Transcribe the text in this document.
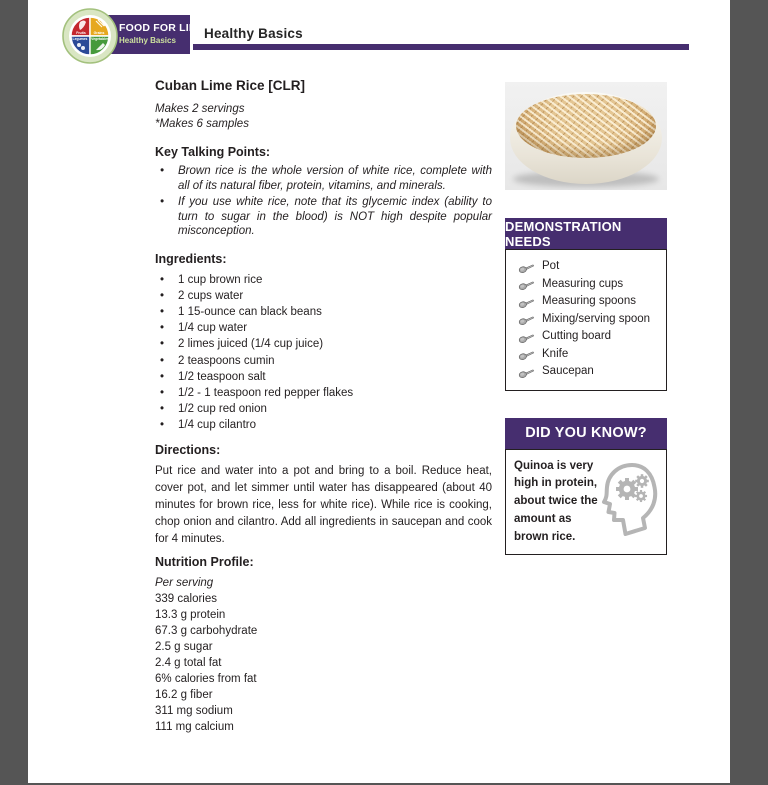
FOOD FOR LIFE
Healthy Basics
Fruits Grains
Legumes Vegetables	Healthy Basics
Cuban Lime Rice [CLR]
Makes 2 servings
*Makes 6 samples
Key Talking Points:
• Brown rice is the whole version of white rice, complete with all of its natural fiber, protein, vitamins, and minerals.
• If you use white rice, note that its glycemic index (ability to turn to sugar in the blood) is NOT high despite popular misconception.
Ingredients:
• 1 cup brown rice
• 2 cups water
• 1 15-ounce can black beans
• 1/4 cup water
• 2 limes juiced (1/4 cup juice)
• 2 teaspoons cumin
• 1/2 teaspoon salt
• 1/2 - 1 teaspoon red pepper flakes
• 1/2 cup red onion
• 1/4 cup cilantro
Directions:

Put rice and water into a pot and bring to a boil. Reduce heat, cover pot, and let simmer until water has disappeared (about 40 minutes for brown rice, less for white rice). While rice is cooking, chop onion and cilantro. Add all ingredients in saucepan and cook for 4 minutes.

Nutrition Profile:
Per serving
339 calories
13.3 g protein
67.3 g carbohydrate
2.5 g sugar
2.4 g total fat
6% calories from fat
16.2 g fiber
311 mg sodium
111 mg calcium
DEMONSTRATION NEEDS
Pot
Measuring cups
Measuring spoons
Mixing/serving spoon
Cutting board
Knife
Saucepan
DID YOU KNOW?
Quinoa is very high in protein, about twice the amount as brown rice.
